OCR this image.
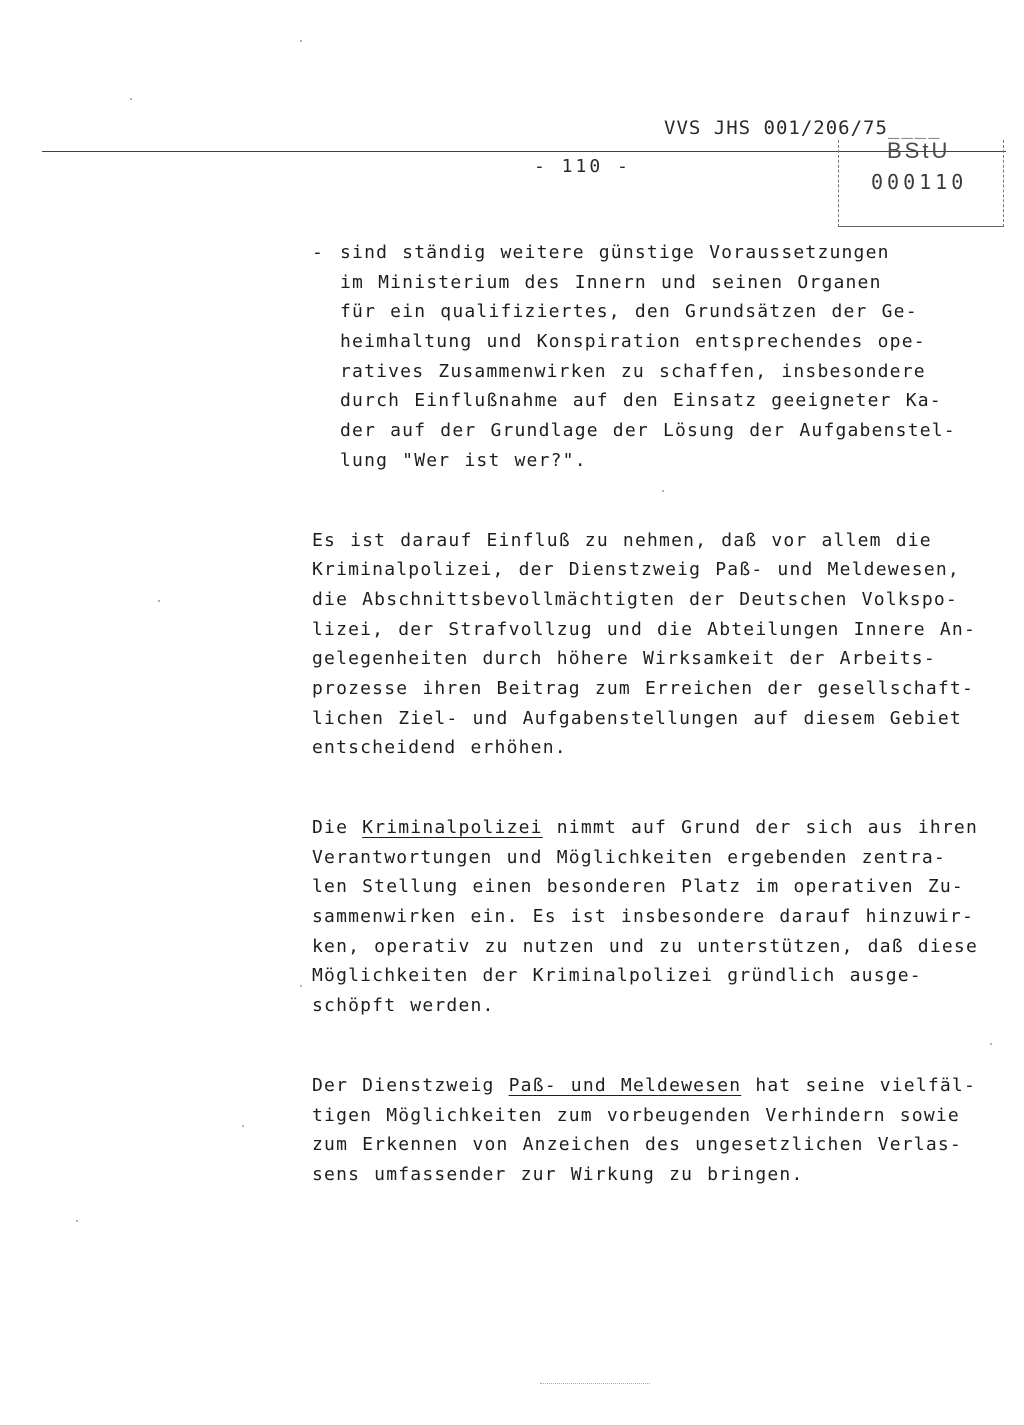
VVS JHS 001/206/75____
- 110 -
BStU
000110
- sind ständig weitere günstige Voraussetzungen
im Ministerium des Innern und seinen Organen
für ein qualifiziertes, den Grundsätzen der Ge-
heimhaltung und Konspiration entsprechendes ope-
ratives Zusammenwirken zu schaffen, insbesondere
durch Einflußnahme auf den Einsatz geeigneter Ka-
der auf der Grundlage der Lösung der Aufgabenstel-
lung "Wer ist wer?".
Es ist darauf Einfluß zu nehmen, daß vor allem die
Kriminalpolizei, der Dienstzweig Paß- und Meldewesen,
die Abschnittsbevollmächtigten der Deutschen Volkspo-
lizei, der Strafvollzug und die Abteilungen Innere An-
gelegenheiten durch höhere Wirksamkeit der Arbeits-
prozesse ihren Beitrag zum Erreichen der gesellschaft-
lichen Ziel- und Aufgabenstellungen auf diesem Gebiet
entscheidend erhöhen.
Die Kriminalpolizei nimmt auf Grund der sich aus ihren
Verantwortungen und Möglichkeiten ergebenden zentra-
len Stellung einen besonderen Platz im operativen Zu-
sammenwirken ein. Es ist insbesondere darauf hinzuwir-
ken, operativ zu nutzen und zu unterstützen, daß diese
Möglichkeiten der Kriminalpolizei gründlich ausge-
schöpft werden.
Der Dienstzweig Paß- und Meldewesen hat seine vielfäl-
tigen Möglichkeiten zum vorbeugenden Verhindern sowie
zum Erkennen von Anzeichen des ungesetzlichen Verlas-
sens umfassender zur Wirkung zu bringen.
